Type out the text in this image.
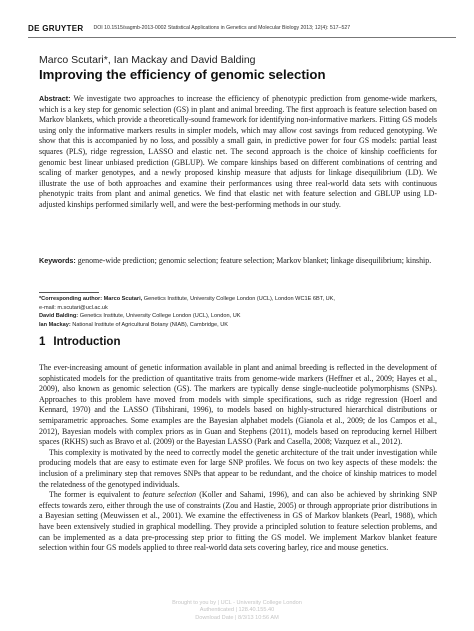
DE GRUYTER DOI 10.1515/sagmb-2013-0002 Statistical Applications in Genetics and Molecular Biology 2013; 12(4): 517–527
Marco Scutari*, Ian Mackay and David Balding
Improving the efficiency of genomic selection
Abstract: We investigate two approaches to increase the efficiency of phenotypic prediction from genome-wide markers, which is a key step for genomic selection (GS) in plant and animal breeding. The first approach is feature selection based on Markov blankets, which provide a theoretically-sound framework for identifying non-informative markers. Fitting GS models using only the informative markers results in simpler models, which may allow cost savings from reduced genotyping. We show that this is accompanied by no loss, and possibly a small gain, in predictive power for four GS models: partial least squares (PLS), ridge regression, LASSO and elastic net. The second approach is the choice of kinship coefficients for genomic best linear unbiased prediction (GBLUP). We compare kinships based on different combinations of centring and scaling of marker genotypes, and a newly proposed kinship measure that adjusts for linkage disequilibrium (LD). We illustrate the use of both approaches and examine their performances using three real-world data sets with continuous phenotypic traits from plant and animal genetics. We find that elastic net with feature selection and GBLUP using LD-adjusted kinships performed similarly well, and were the best-performing methods in our study.
Keywords: genome-wide prediction; genomic selection; feature selection; Markov blanket; linkage disequilibrium; kinship.
*Corresponding author: Marco Scutari, Genetics Institute, University College London (UCL), London WC1E 6BT, UK,
e-mail: m.scutari@ucl.ac.uk
David Balding: Genetics Institute, University College London (UCL), London, UK
Ian Mackay: National Institute of Agricultural Botany (NIAB), Cambridge, UK
1 Introduction

The ever-increasing amount of genetic information available in plant and animal breeding is reflected in the development of sophisticated models for the prediction of quantitative traits from genome-wide markers (Heffner et al., 2009; Hayes et al., 2009), also known as genomic selection (GS). The markers are typically dense single-nucleotide polymorphisms (SNPs). Approaches to this problem have moved from models with simple specifications, such as ridge regression (Hoerl and Kennard, 1970) and the LASSO (Tibshirani, 1996), to models based on highly-structured hierarchical distributions or semiparametric approaches. Some examples are the Bayesian alphabet models (Gianola et al., 2009; de los Campos et al., 2012), Bayesian models with complex priors as in Guan and Stephens (2011), models based on reproducing kernel Hilbert spaces (RKHS) such as Bravo et al. (2009) or the Bayesian LASSO (Park and Casella, 2008; Vazquez et al., 2012).

This complexity is motivated by the need to correctly model the genetic architecture of the trait under investigation while producing models that are easy to estimate even for large SNP profiles. We focus on two key aspects of these models: the inclusion of a preliminary step that removes SNPs that appear to be redundant, and the choice of kinship matrices to model the relatedness of the genotyped individuals.

The former is equivalent to feature selection (Koller and Sahami, 1996), and can also be achieved by shrinking SNP effects towards zero, either through the use of constraints (Zou and Hastie, 2005) or through appropriate prior distributions in a Bayesian setting (Meuwissen et al., 2001). We examine the effectiveness in GS of Markov blankets (Pearl, 1988), which have been extensively studied in graphical modelling. They provide a principled solution to feature selection problems, and can be implemented as a data pre-processing step prior to fitting the GS model. We implement Markov blanket feature selection within four GS models applied to three real-world data sets covering barley, rice and mouse genetics.

Brought to you by | UCL - University College London
Authenticated | 128.40.155.40
Download Date | 8/3/13 10:56 AM
